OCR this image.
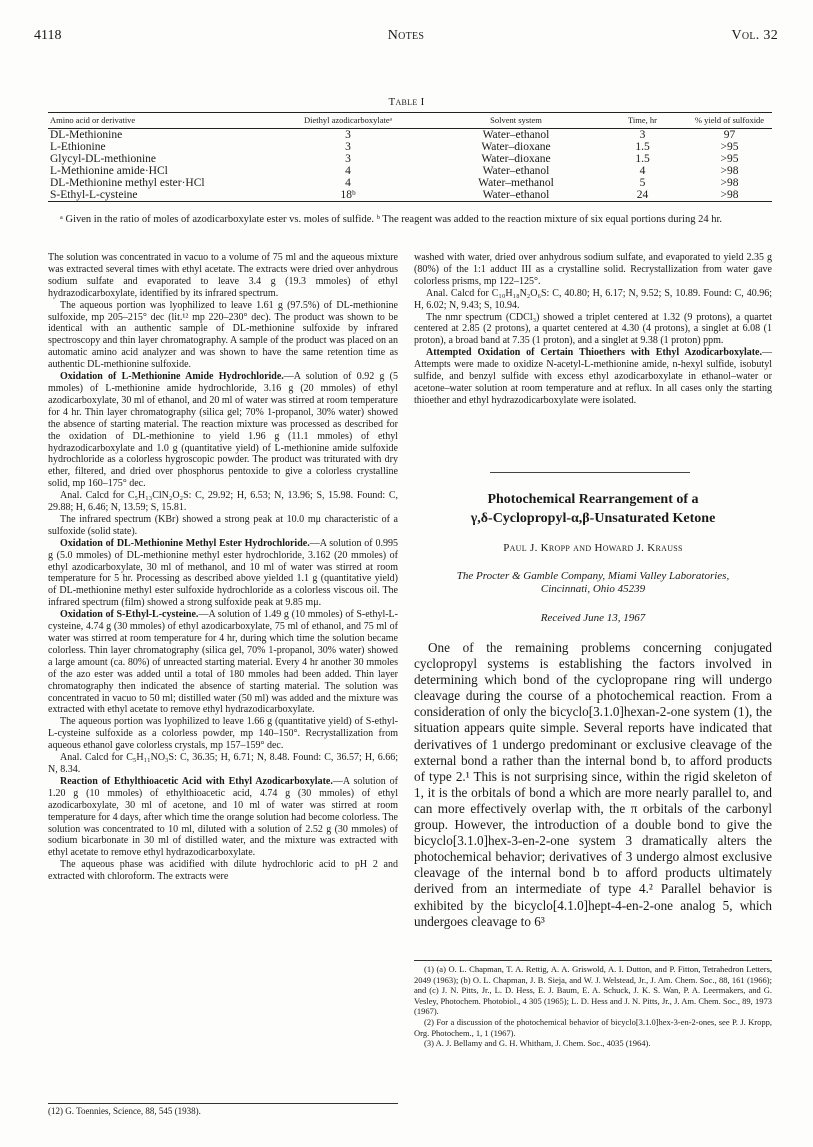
4118	Notes	Vol. 32
Table I
Amino acid or derivative	Diethyl azodicarboxylateᵃ	Solvent system	Time, hr	% yield of sulfoxide
DL-Methionine	3	Water–ethanol	3	97
L-Ethionine	3	Water–dioxane	1.5	>95
Glycyl-DL-methionine	3	Water–dioxane	1.5	>95
L-Methionine amide·HCl	4	Water–ethanol	4	>98
DL-Methionine methyl ester·HCl	4	Water–methanol	5	>98
S-Ethyl-L-cysteine	18ᵇ	Water–ethanol	24	>98
ᵃ Given in the ratio of moles of azodicarboxylate ester vs. moles of sulfide. ᵇ The reagent was added to the reaction mixture of six equal portions during 24 hr.

The solution was concentrated in vacuo to a volume of 75 ml and the aqueous mixture was extracted several times with ethyl acetate. The extracts were dried over anhydrous sodium sulfate and evaporated to leave 3.4 g (19.3 mmoles) of ethyl hydrazodicarboxylate, identified by its infrared spectrum.

The aqueous portion was lyophilized to leave 1.61 g (97.5%) of DL-methionine sulfoxide, mp 205–215° dec (lit.¹² mp 220–230° dec). The product was shown to be identical with an authentic sample of DL-methionine sulfoxide by infrared spectroscopy and thin layer chromatography. A sample of the product was placed on an automatic amino acid analyzer and was shown to have the same retention time as authentic DL-methionine sulfoxide.

Oxidation of L-Methionine Amide Hydrochloride.—A solution of 0.92 g (5 mmoles) of L-methionine amide hydrochloride, 3.16 g (20 mmoles) of ethyl azodicarboxylate, 30 ml of ethanol, and 20 ml of water was stirred at room temperature for 4 hr. Thin layer chromatography (silica gel; 70% 1-propanol, 30% water) showed the absence of starting material. The reaction mixture was processed as described for the oxidation of DL-methionine to yield 1.96 g (11.1 mmoles) of ethyl hydrazodicarboxylate and 1.0 g (quantitative yield) of L-methionine amide sulfoxide hydrochloride as a colorless hygroscopic powder. The product was triturated with dry ether, filtered, and dried over phosphorus pentoxide to give a colorless crystalline solid, mp 160–175° dec.

Anal. Calcd for C₅H₁₃ClN₂O₂S: C, 29.92; H, 6.53; N, 13.96; S, 15.98. Found: C, 29.88; H, 6.46; N, 13.59; S, 15.81.

The infrared spectrum (KBr) showed a strong peak at 10.0 mμ characteristic of a sulfoxide (solid state).

Oxidation of DL-Methionine Methyl Ester Hydrochloride.—A solution of 0.995 g (5.0 mmoles) of DL-methionine methyl ester hydrochloride, 3.162 (20 mmoles) of ethyl azodicarboxylate, 30 ml of methanol, and 10 ml of water was stirred at room temperature for 5 hr. Processing as described above yielded 1.1 g (quantitative yield) of DL-methionine methyl ester sulfoxide hydrochloride as a colorless viscous oil. The infrared spectrum (film) showed a strong sulfoxide peak at 9.85 mμ.

Oxidation of S-Ethyl-L-cysteine.—A solution of 1.49 g (10 mmoles) of S-ethyl-L-cysteine, 4.74 g (30 mmoles) of ethyl azodicarboxylate, 75 ml of ethanol, and 75 ml of water was stirred at room temperature for 4 hr, during which time the solution became colorless. Thin layer chromatography (silica gel, 70% 1-propanol, 30% water) showed a large amount (ca. 80%) of unreacted starting material. Every 4 hr another 30 mmoles of the azo ester was added until a total of 180 mmoles had been added. Thin layer chromatography then indicated the absence of starting material. The solution was concentrated in vacuo to 50 ml; distilled water (50 ml) was added and the mixture was extracted with ethyl acetate to remove ethyl hydrazodicarboxylate.

The aqueous portion was lyophilized to leave 1.66 g (quantitative yield) of S-ethyl-L-cysteine sulfoxide as a colorless powder, mp 140–150°. Recrystallization from aqueous ethanol gave colorless crystals, mp 157–159° dec.

Anal. Calcd for C₅H₁₁NO₃S: C, 36.35; H, 6.71; N, 8.48. Found: C, 36.57; H, 6.66; N, 8.34.

Reaction of Ethylthioacetic Acid with Ethyl Azodicarboxylate.—A solution of 1.20 g (10 mmoles) of ethylthioacetic acid, 4.74 g (30 mmoles) of ethyl azodicarboxylate, 30 ml of acetone, and 10 ml of water was stirred at room temperature for 4 days, after which time the orange solution had become colorless. The solution was concentrated to 10 ml, diluted with a solution of 2.52 g (30 mmoles) of sodium bicarbonate in 30 ml of distilled water, and the mixture was extracted with ethyl acetate to remove ethyl hydrazodicarboxylate.

The aqueous phase was acidified with dilute hydrochloric acid to pH 2 and extracted with chloroform. The extracts were

(12) G. Toennies, Science, 88, 545 (1938).

washed with water, dried over anhydrous sodium sulfate, and evaporated to yield 2.35 g (80%) of the 1:1 adduct III as a crystalline solid. Recrystallization from water gave colorless prisms, mp 122–125°.

Anal. Calcd for C₁₀H₁₈N₂O₆S: C, 40.80; H, 6.17; N, 9.52; S, 10.89. Found: C, 40.96; H, 6.02; N, 9.43; S, 10.94.

The nmr spectrum (CDCl₃) showed a triplet centered at 1.32 (9 protons), a quartet centered at 2.85 (2 protons), a quartet centered at 4.30 (4 protons), a singlet at 6.08 (1 proton), a broad band at 7.35 (1 proton), and a singlet at 9.38 (1 proton) ppm.

Attempted Oxidation of Certain Thioethers with Ethyl Azodicarboxylate.—Attempts were made to oxidize N-acetyl-L-methionine amide, n-hexyl sulfide, isobutyl sulfide, and benzyl sulfide with excess ethyl azodicarboxylate in ethanol–water or acetone–water solution at room temperature and at reflux. In all cases only the starting thioether and ethyl hydrazodicarboxylate were isolated.

Photochemical Rearrangement of a
γ,δ-Cyclopropyl-α,β-Unsaturated Ketone
Paul J. Kropp and Howard J. Krauss
The Procter & Gamble Company, Miami Valley Laboratories,
Cincinnati, Ohio 45239
Received June 13, 1967

One of the remaining problems concerning conjugated cyclopropyl systems is establishing the factors involved in determining which bond of the cyclopropane ring will undergo cleavage during the course of a photochemical reaction. From a consideration of only the bicyclo[3.1.0]hexan-2-one system (1), the situation appears quite simple. Several reports have indicated that derivatives of 1 undergo predominant or exclusive cleavage of the external bond a rather than the internal bond b, to afford products of type 2.¹ This is not surprising since, within the rigid skeleton of 1, it is the orbitals of bond a which are more nearly parallel to, and can more effectively overlap with, the π orbitals of the carbonyl group. However, the introduction of a double bond to give the bicyclo[3.1.0]hex-3-en-2-one system 3 dramatically alters the photochemical behavior; derivatives of 3 undergo almost exclusive cleavage of the internal bond b to afford products ultimately derived from an intermediate of type 4.² Parallel behavior is exhibited by the bicyclo[4.1.0]hept-4-en-2-one analog 5, which undergoes cleavage to 6³

(1) (a) O. L. Chapman, T. A. Rettig, A. A. Griswold, A. I. Dutton, and P. Fitton, Tetrahedron Letters, 2049 (1963); (b) O. L. Chapman, J. B. Sieja, and W. J. Welstead, Jr., J. Am. Chem. Soc., 88, 161 (1966); and (c) J. N. Pitts, Jr., L. D. Hess, E. J. Baum, E. A. Schuck, J. K. S. Wan, P. A. Leermakers, and G. Vesley, Photochem. Photobiol., 4 305 (1965); L. D. Hess and J. N. Pitts, Jr., J. Am. Chem. Soc., 89, 1973 (1967).

(2) For a discussion of the photochemical behavior of bicyclo[3.1.0]hex-3-en-2-ones, see P. J. Kropp, Org. Photochem., 1, 1 (1967).

(3) A. J. Bellamy and G. H. Whitham, J. Chem. Soc., 4035 (1964).
